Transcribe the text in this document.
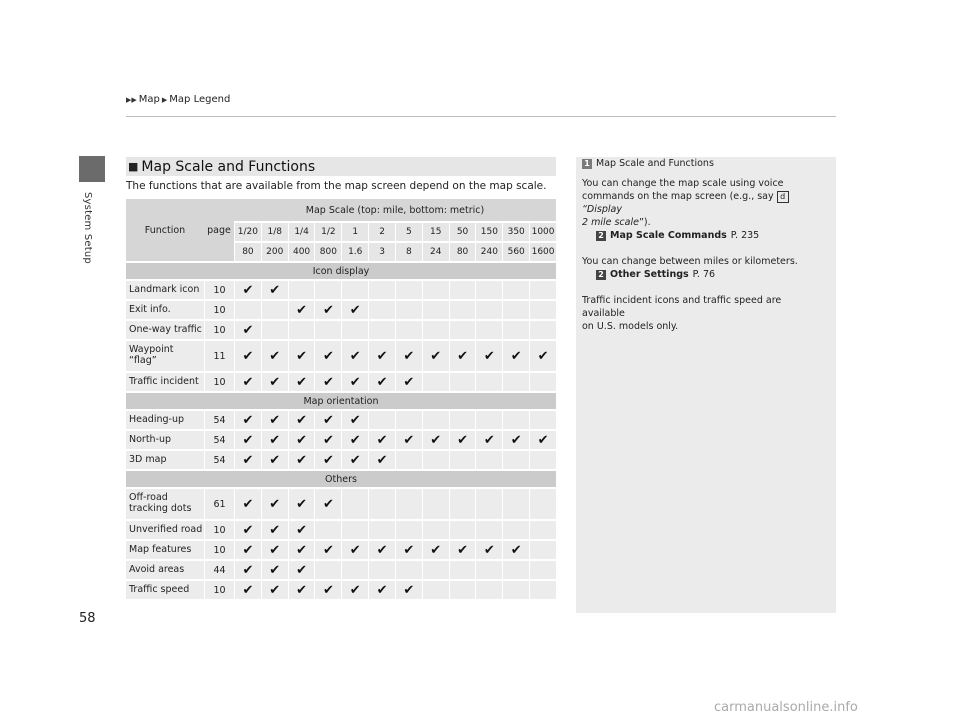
▶▶ Map ▶ Map Legend
System Setup
■ Map Scale and Functions
The functions that are available from the map screen depend on the map scale.
Function	page	Map Scale (top: mile, bottom: metric)											
		1/20	1/8	1/4	1/2	1	2	5	15	50	150	350	1000
		80	200	400	800	1.6	3	8	24	80	240	560	1600
Icon display													
Landmark icon	10	✔	✔										
Exit info.	10			✔	✔	✔							
One-way traffic	10	✔											
Waypoint
“flag”	11	✔	✔	✔	✔	✔	✔	✔	✔	✔	✔	✔	✔
Traffic incident	10	✔	✔	✔	✔	✔	✔	✔					
Map orientation													
Heading-up	54	✔	✔	✔	✔	✔							
North-up	54	✔	✔	✔	✔	✔	✔	✔	✔	✔	✔	✔	✔
3D map	54	✔	✔	✔	✔	✔	✔						
Others													
Off-road
tracking dots	61	✔	✔	✔	✔								
Unverified road	10	✔	✔	✔									
Map features	10	✔	✔	✔	✔	✔	✔	✔	✔	✔	✔	✔	
Avoid areas	44	✔	✔	✔									
Traffic speed	10	✔	✔	✔	✔	✔	✔	✔					
1 Map Scale and Functions
You can change the map scale using voice
commands on the map screen (e.g., say d“Display
2 mile scale”).
2 Map Scale Commands P. 235
You can change between miles or kilometers.
2 Other Settings P. 76
Traffic incident icons and traffic speed are available
on U.S. models only.
58
carmanualsonline.info
